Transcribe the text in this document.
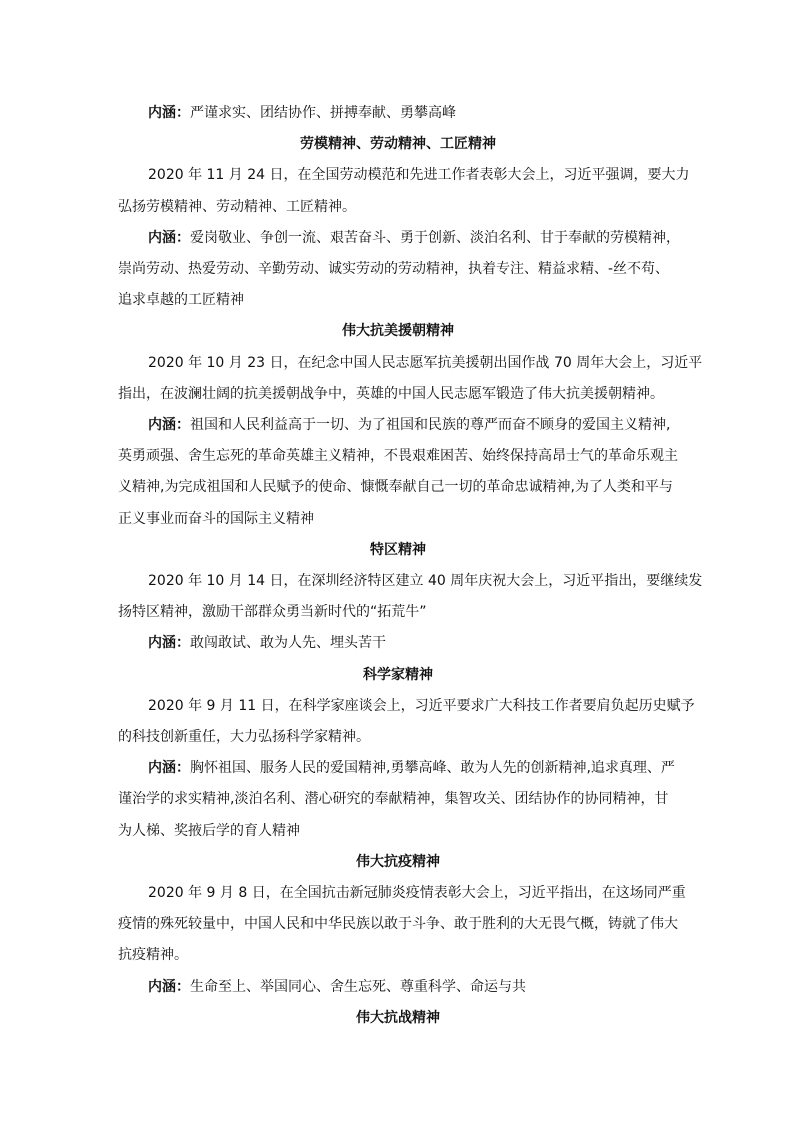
内涵：严谨求实、团结协作、拼搏奉献、勇攀高峰

劳模精神、劳动精神、工匠精神

2020 年 11 月 24 日，在全国劳动模范和先进工作者表彰大会上，习近平强调，要大力

弘扬劳模精神、劳动精神、工匠精神。

内涵：爱岗敬业、争创一流、艰苦奋斗、勇于创新、淡泊名利、甘于奉献的劳模精神，

崇尚劳动、热爱劳动、辛勤劳动、诚实劳动的劳动精神，执着专注、精益求精、-丝不苟、

追求卓越的工匠精神

伟大抗美援朝精神

2020 年 10 月 23 日，在纪念中国人民志愿军抗美援朝出国作战 70 周年大会上，习近平

指出，在波澜壮阔的抗美援朝战争中，英雄的中国人民志愿军锻造了伟大抗美援朝精神。

内涵：祖国和人民利益高于一切、为了祖国和民族的尊严而奋不顾身的爱国主义精神,

英勇顽强、舍生忘死的革命英雄主义精神，不畏艰难困苦、始终保持高昂士气的革命乐观主

义精神,为完成祖国和人民赋予的使命、慷慨奉献自己一切的革命忠诚精神,为了人类和平与

正义事业而奋斗的国际主义精神

特区精神

2020 年 10 月 14 日，在深圳经济特区建立 40 周年庆祝大会上，习近平指出，要继续发

扬特区精神，激励干部群众勇当新时代的“拓荒牛”

内涵：敢闯敢试、敢为人先、埋头苦干

科学家精神

2020 年 9 月 11 日，在科学家座谈会上，习近平要求广大科技工作者要肩负起历史赋予

的科技创新重任，大力弘扬科学家精神。

内涵：胸怀祖国、服务人民的爱国精神,勇攀高峰、敢为人先的创新精神,追求真理、严

谨治学的求实精神,淡泊名利、潜心研究的奉献精神，集智攻关、团结协作的协同精神，甘

为人梯、奖掖后学的育人精神

伟大抗疫精神

2020 年 9 月 8 日，在全国抗击新冠肺炎疫情表彰大会上，习近平指出，在这场同严重

疫情的殊死较量中，中国人民和中华民族以敢于斗争、敢于胜利的大无畏气概，铸就了伟大

抗疫精神。

内涵：生命至上、举国同心、舍生忘死、尊重科学、命运与共

伟大抗战精神
